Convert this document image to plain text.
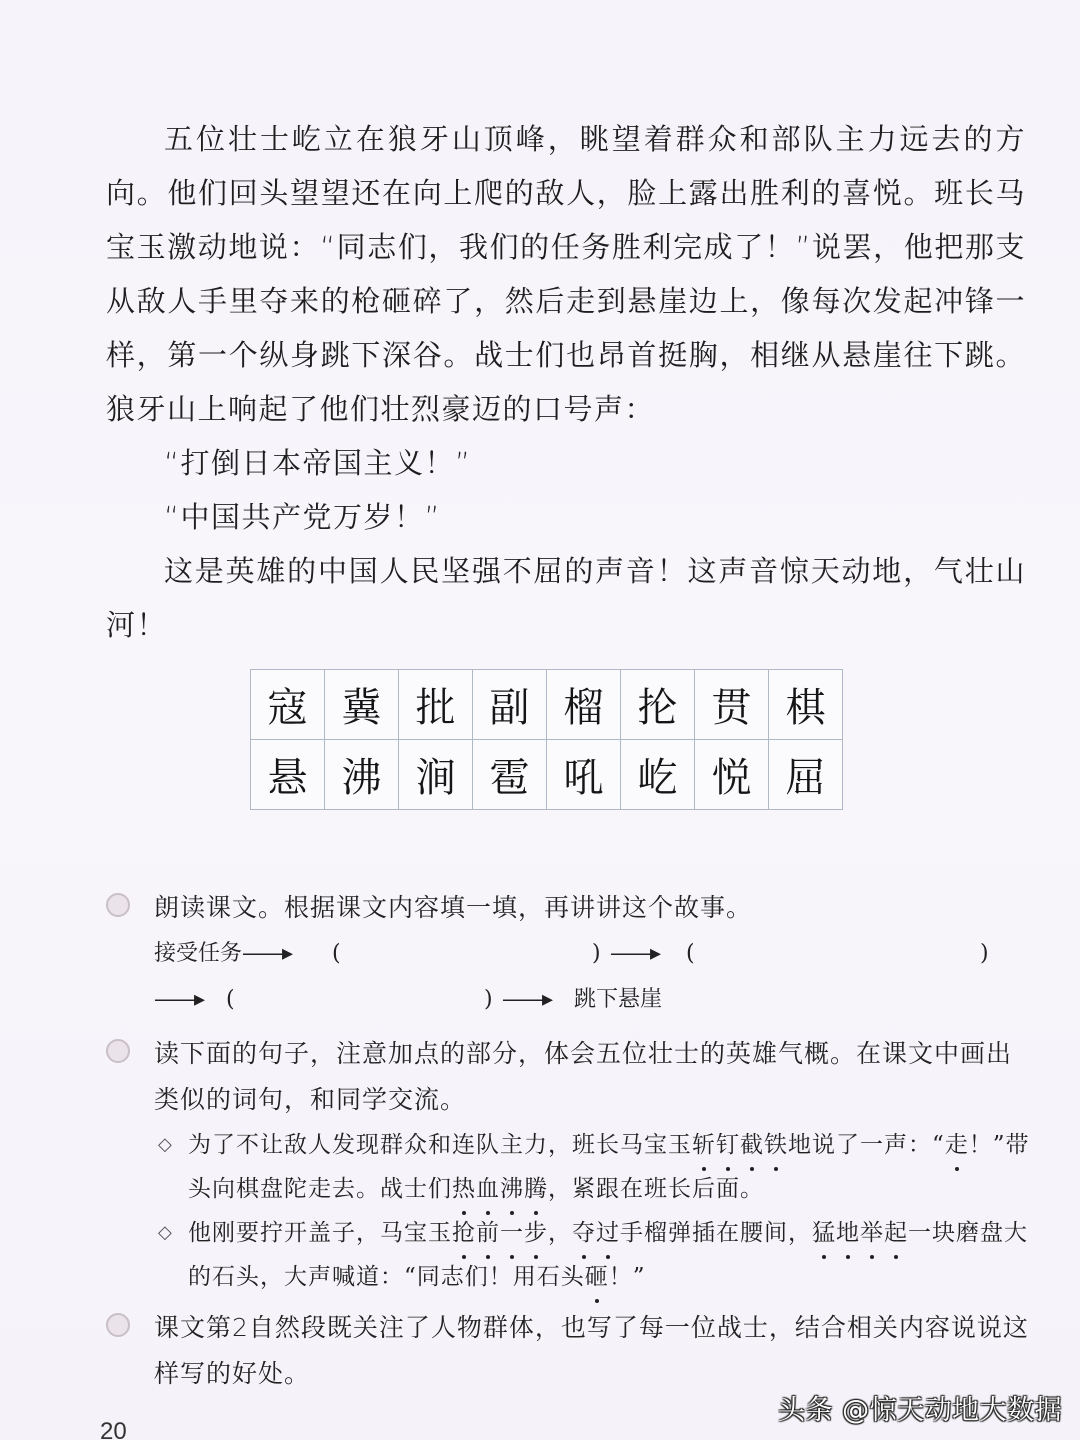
五位壮士屹立在狼牙山顶峰，眺望着群众和部队主力远去的方向。他们回头望望还在向上爬的敌人，脸上露出胜利的喜悦。班长马宝玉激动地说：“同志们，我们的任务胜利完成了！”说罢，他把那支从敌人手里夺来的枪砸碎了，然后走到悬崖边上，像每次发起冲锋一样，第一个纵身跳下深谷。战士们也昂首挺胸，相继从悬崖往下跳。狼牙山上响起了他们壮烈豪迈的口号声：

“打倒日本帝国主义！”

“中国共产党万岁！”

这是英雄的中国人民坚强不屈的声音！这声音惊天动地，气壮山河！

寇	冀	批	副	榴	抡	贯	棋
悬	沸	涧	雹	吼	屹	悦	屈
朗读课文。根据课文内容填一填，再讲讲这个故事。
接受任务 ——▸ (	) ——▸ (	)
——▸ (	) ——▸ 跳下悬崖
读下面的句子，注意加点的部分，体会五位壮士的英雄气概。在课文中画出类似的词句，和同学交流。
◇ 为了不让敌人发现群众和连队主力，班长马宝玉斩钉截铁地说了一声：“走！”带头向棋盘陀走去。战士们热血沸腾，紧跟在班长后面。
◇ 他刚要拧开盖子，马宝玉抢前一步，夺过手榴弹插在腰间，猛地举起一块磨盘大的石头，大声喊道：“同志们！用石头砸！”
课文第2自然段既关注了人物群体，也写了每一位战士，结合相关内容说说这样写的好处。
20
头条 @惊天动地大数据
